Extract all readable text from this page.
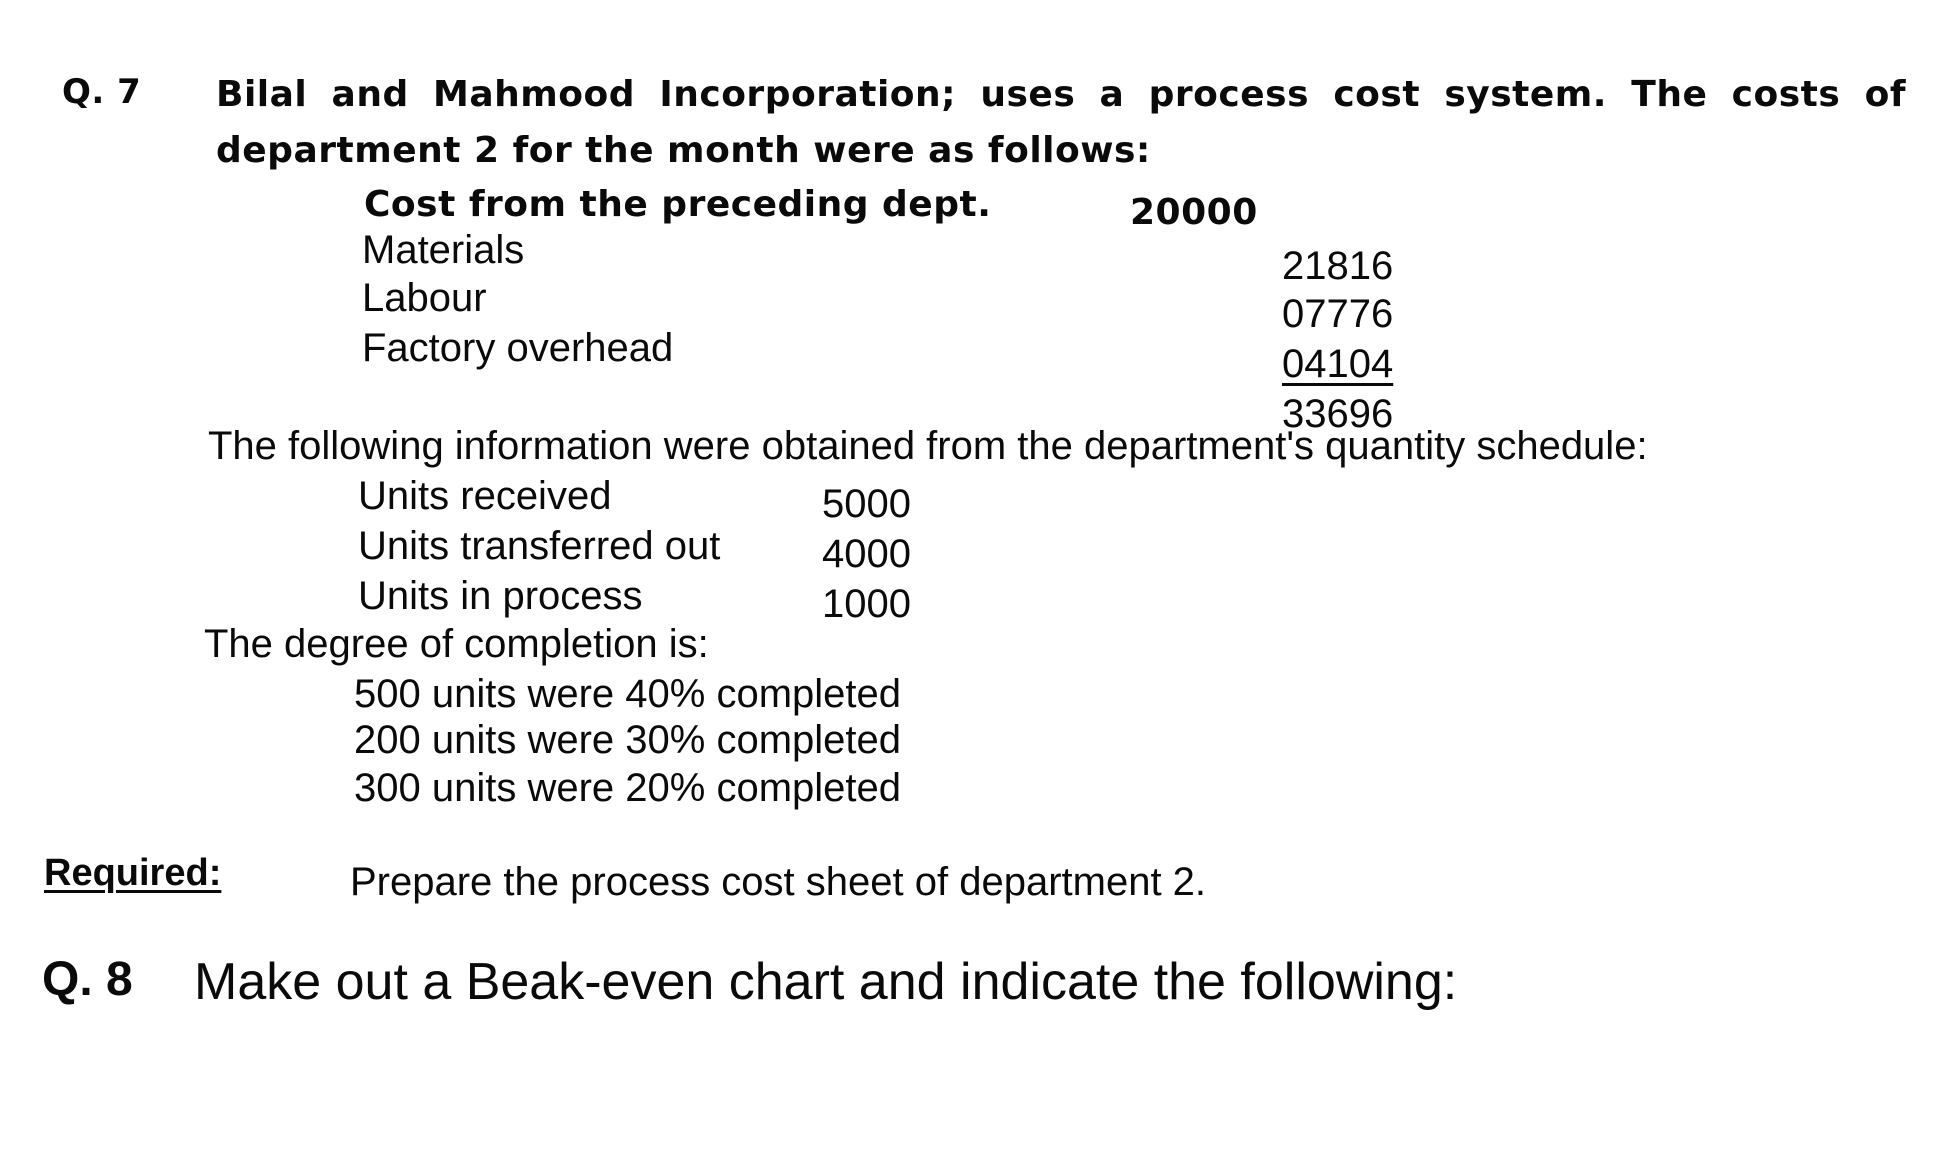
Q. 7 Bilal and Mahmood Incorporation; uses a process cost system. The costs of
department 2 for the month were as follows:
Cost from the preceding dept.	20000
Materials
Labour
Factory overhead
21816
07776
04104
33696
The following information were obtained from the department's quantity schedule:
Units received
Units transferred out
Units in process
5000
4000
1000
The degree of completion is:
500 units were 40% completed
200 units were 30% completed
300 units were 20% completed
Required:	Prepare the process cost sheet of department 2.
Q. 8 Make out a Beak-even chart and indicate the following:
